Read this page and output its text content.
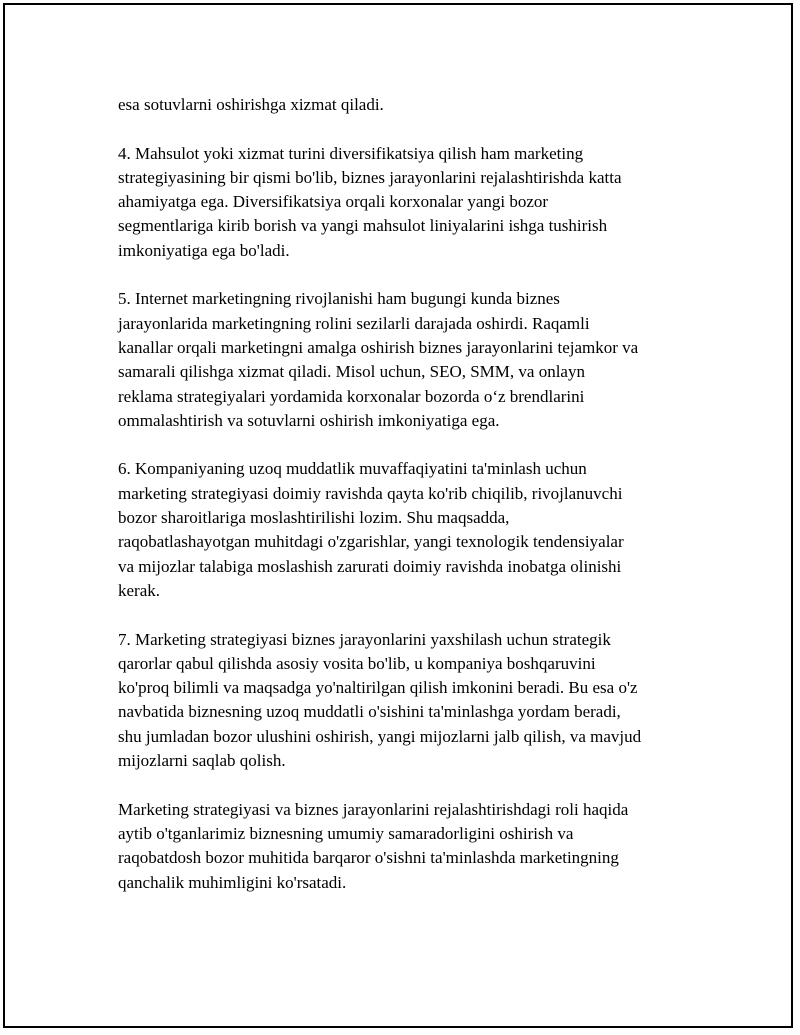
esa sotuvlarni oshirishga xizmat qiladi.

4. Mahsulot yoki xizmat turini diversifikatsiya qilish ham marketing
strategiyasining bir qismi bo'lib, biznes jarayonlarini rejalashtirishda katta
ahamiyatga ega. Diversifikatsiya orqali korxonalar yangi bozor
segmentlariga kirib borish va yangi mahsulot liniyalarini ishga tushirish
imkoniyatiga ega bo'ladi.

5. Internet marketingning rivojlanishi ham bugungi kunda biznes
jarayonlarida marketingning rolini sezilarli darajada oshirdi. Raqamli
kanallar orqali marketingni amalga oshirish biznes jarayonlarini tejamkor va
samarali qilishga xizmat qiladi. Misol uchun, SEO, SMM, va onlayn
reklama strategiyalari yordamida korxonalar bozorda o‘z brendlarini
ommalashtirish va sotuvlarni oshirish imkoniyatiga ega.

6. Kompaniyaning uzoq muddatlik muvaffaqiyatini ta'minlash uchun
marketing strategiyasi doimiy ravishda qayta ko'rib chiqilib, rivojlanuvchi
bozor sharoitlariga moslashtirilishi lozim. Shu maqsadda,
raqobatlashayotgan muhitdagi o'zgarishlar, yangi texnologik tendensiyalar
va mijozlar talabiga moslashish zarurati doimiy ravishda inobatga olinishi
kerak.

7. Marketing strategiyasi biznes jarayonlarini yaxshilash uchun strategik
qarorlar qabul qilishda asosiy vosita bo'lib, u kompaniya boshqaruvini
ko'proq bilimli va maqsadga yo'naltirilgan qilish imkonini beradi. Bu esa o'z
navbatida biznesning uzoq muddatli o'sishini ta'minlashga yordam beradi,
shu jumladan bozor ulushini oshirish, yangi mijozlarni jalb qilish, va mavjud
mijozlarni saqlab qolish.

Marketing strategiyasi va biznes jarayonlarini rejalashtirishdagi roli haqida
aytib o'tganlarimiz biznesning umumiy samaradorligini oshirish va
raqobatdosh bozor muhitida barqaror o'sishni ta'minlashda marketingning
qanchalik muhimligini ko'rsatadi.
